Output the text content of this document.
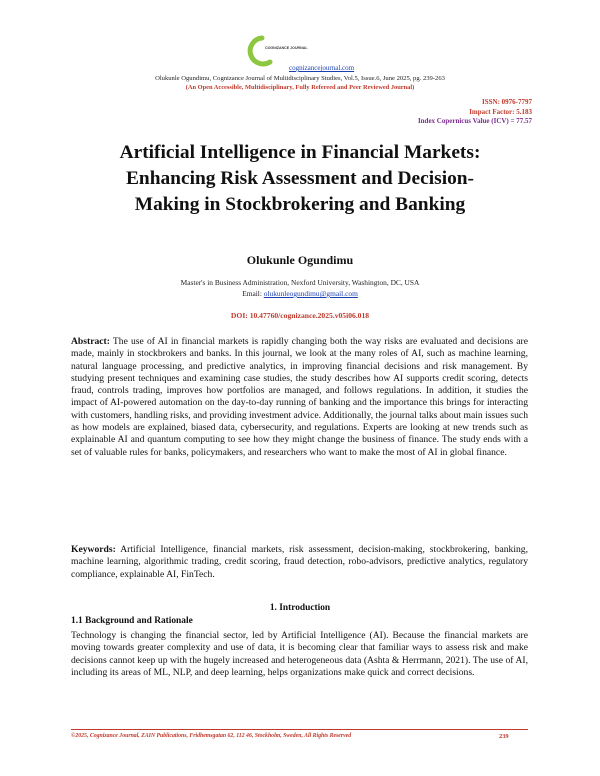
COGNIZANCE JOURNAL
cognizancejournal.com
Olukunle Ogundimu, Cognizance Journal of Multidisciplinary Studies, Vol.5, Issue.6, June 2025, pg. 239-263
(An Open Accessible, Multidisciplinary, Fully Refereed and Peer Reviewed Journal)
ISSN: 0976-7797
Impact Factor: 5.183
Index Copernicus Value (ICV) = 77.57
Artificial Intelligence in Financial Markets:
Enhancing Risk Assessment and Decision-
Making in Stockbrokering and Banking
Olukunle Ogundimu
Master's in Business Administration, Nexford University, Washington, DC, USA
Email: olukunleogundimu@gmail.com
DOI: 10.47760/cognizance.2025.v05i06.018
Abstract: The use of AI in financial markets is rapidly changing both the way risks are evaluated and decisions are made, mainly in stockbrokers and banks. In this journal, we look at the many roles of AI, such as machine learning, natural language processing, and predictive analytics, in improving financial decisions and risk management. By studying present techniques and examining case studies, the study describes how AI supports credit scoring, detects fraud, controls trading, improves how portfolios are managed, and follows regulations. In addition, it studies the impact of AI-powered automation on the day-to-day running of banking and the importance this brings for interacting with customers, handling risks, and providing investment advice. Additionally, the journal talks about main issues such as how models are explained, biased data, cybersecurity, and regulations. Experts are looking at new trends such as explainable AI and quantum computing to see how they might change the business of finance. The study ends with a set of valuable rules for banks, policymakers, and researchers who want to make the most of AI in global finance.
Keywords: Artificial Intelligence, financial markets, risk assessment, decision-making, stockbrokering, banking, machine learning, algorithmic trading, credit scoring, fraud detection, robo-advisors, predictive analytics, regulatory compliance, explainable AI, FinTech.
1. Introduction
1.1 Background and Rationale
Technology is changing the financial sector, led by Artificial Intelligence (AI). Because the financial markets are moving towards greater complexity and use of data, it is becoming clear that familiar ways to assess risk and make decisions cannot keep up with the hugely increased and heterogeneous data (Ashta & Herrmann, 2021). The use of AI, including its areas of ML, NLP, and deep learning, helps organizations make quick and correct decisions.
©2025, Cognizance Journal, ZAIN Publications, Fridhemsgatan 62, 112 46, Stockholm, Sweden, All Rights Reserved	239
